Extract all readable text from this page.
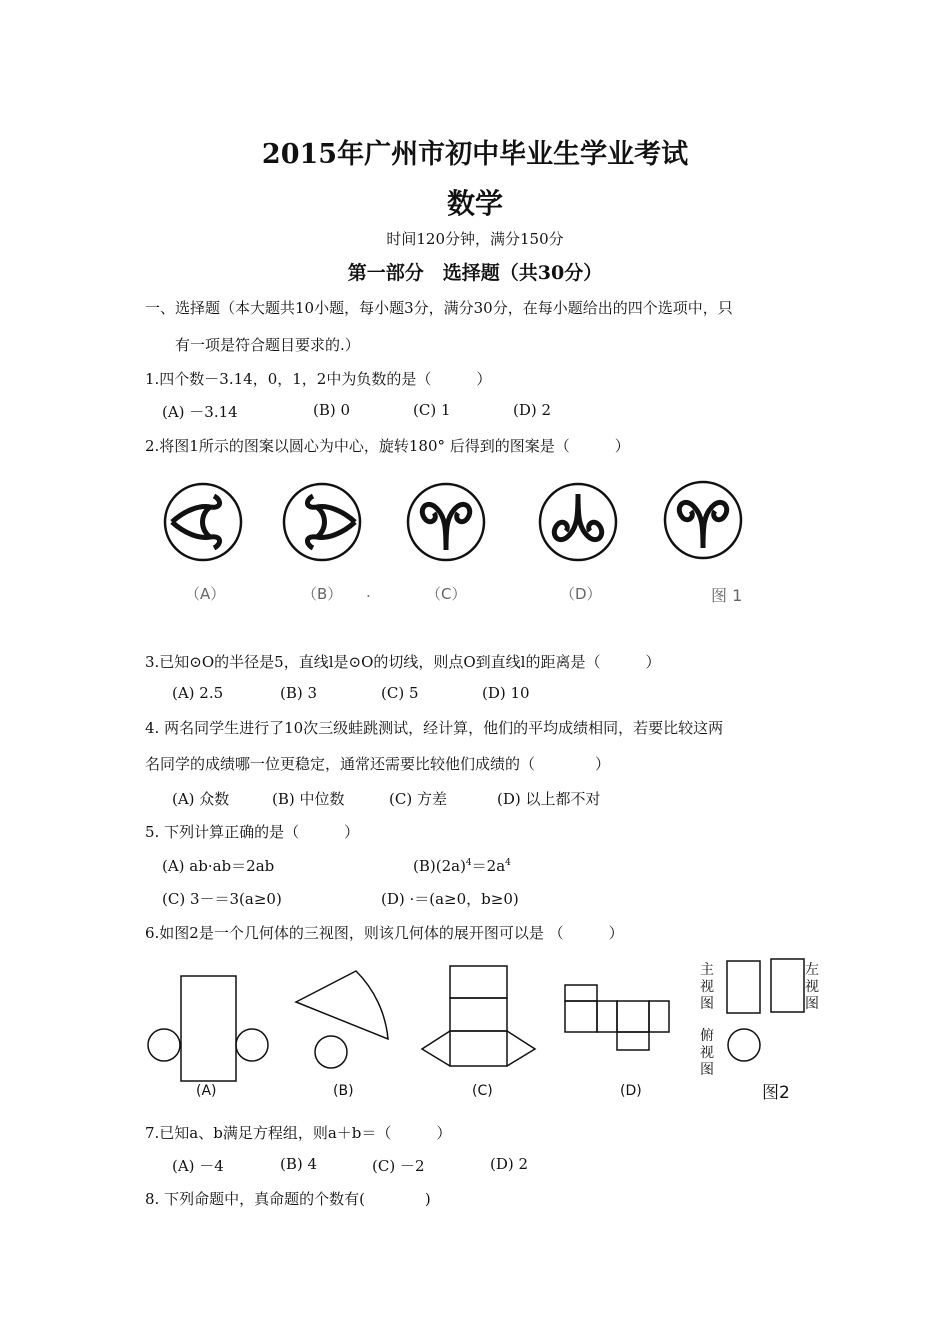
2015年广州市初中毕业生学业考试
数学
时间120分钟，满分150分
第一部分　选择题（共30分）
一、选择题（本大题共10小题，每小题3分，满分30分，在每小题给出的四个选项中，只
有一项是符合题目要求的.）
1.四个数－3.14，0，1，2中为负数的是（　　　）
(A) －3.14	(B) 0	(C) 1	(D) 2
2.将图1所示的图案以圆心为中心，旋转180° 后得到的图案是（　　　）
（A）	（B） .	（C）	（D）	图 1
3.已知⊙O的半径是5，直线l是⊙O的切线，则点O到直线l的距离是（　　　）
(A) 2.5	(B) 3	(C) 5	(D) 10
4. 两名同学生进行了10次三级蛙跳测试，经计算，他们的平均成绩相同，若要比较这两
名同学的成绩哪一位更稳定，通常还需要比较他们成绩的（　　　　）
(A) 众数	(B) 中位数	(C) 方差	(D) 以上都不对
5. 下列计算正确的是（　　　）
(A) ab·ab＝2ab	$(B)(2a)^4=2a^4$
(C) 3－＝3(a≥0)	(D) ·＝(a≥0，b≥0)
6.如图2是一个几何体的三视图，则该几何体的展开图可以是 （　　　）
(A)	(B)	(C)	(D)
主视图
左视图
俯视图
图2
7.已知a、b满足方程组，则a＋b＝（　　　）
(A) －4	(B) 4	(C) －2	(D) 2
8. 下列命题中，真命题的个数有(　　　　)
